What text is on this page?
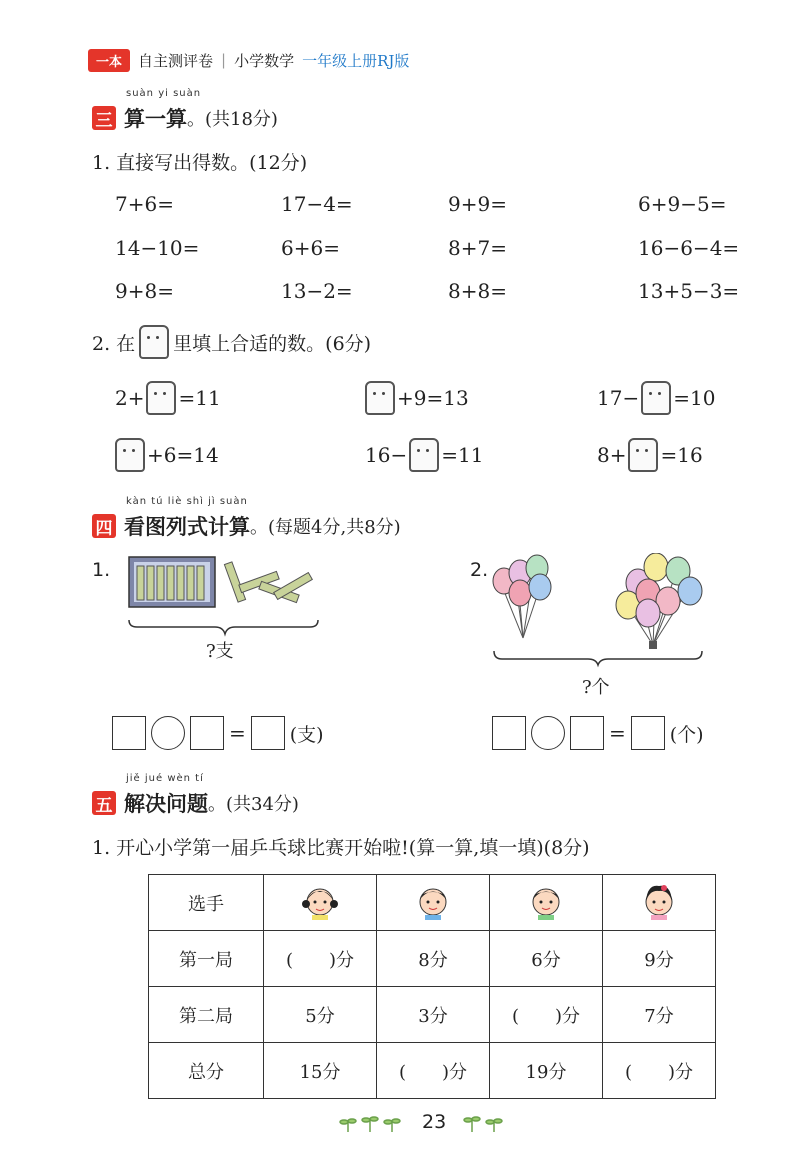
一本	自主测评卷 | 小学数学 一年级上册RJ版
suàn yi suàn
三 算一算 。(共18分)
1. 直接写出得数。(12分)
7+6=	17−4=	9+9=	6+9−5=
14−10=	6+6=	8+7=	16−6−4=
9+8=	13−2=	8+8=	13+5−3=
2. 在 里填上合适的数。(6分)
2+ =11	+9=13	17− =10
+6=14	16− =11	8+ =16
kàn tú liè shì jì suàn
四 看图列式计算 。(每题4分,共8分)
1.
?支
2.
?个
= (支)	= (个)
jiě jué wèn tí
五 解决问题 。(共34分)
1. 开心小学第一届乒乓球比赛开始啦!(算一算,填一填)(8分)
选手				
第一局	(　　)分	8分	6分	9分
第二局	5分	3分	(　　)分	7分
总分	15分	(　　)分	19分	(　　)分
23
